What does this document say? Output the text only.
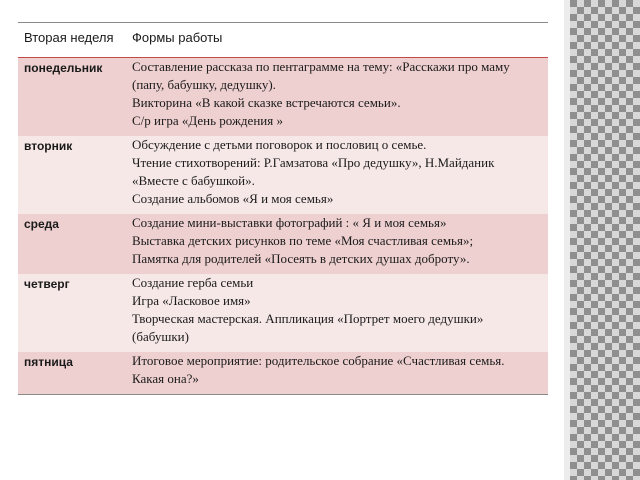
Вторая неделя	Формы работы
понедельник	Составление рассказа по пентаграмме на тему: «Расскажи про маму
(папу, бабушку, дедушку).
Викторина «В какой сказке встречаются семьи».
С/р игра «День рождения »

вторник	Обсуждение с детьми поговорок и пословиц о семье.
Чтение стихотворений: Р.Гамзатова «Про дедушку», Н.Майданик
«Вместе с бабушкой».
Создание альбомов «Я и моя семья»

среда	Создание мини-выставки фотографий : « Я и моя семья»
Выставка детских рисунков по теме «Моя счастливая семья»;
Памятка для родителей «Посеять в детских душах доброту».

четверг	Создание герба семьи
Игра «Ласковое имя»
Творческая мастерская. Аппликация «Портрет моего дедушки»
(бабушки)

пятница	Итоговое мероприятие: родительское собрание «Счастливая семья.
Какая она?»
